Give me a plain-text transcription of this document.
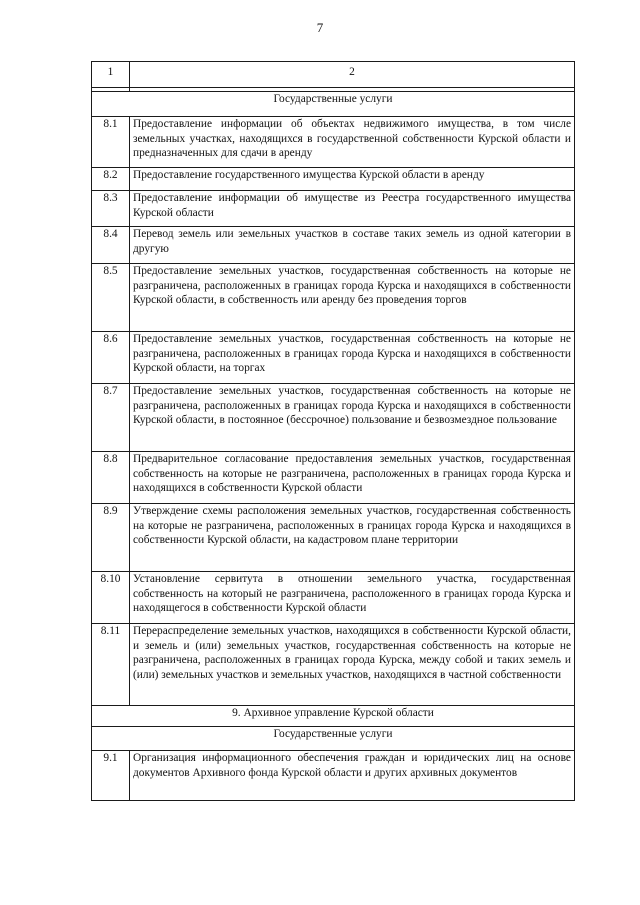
7
1	2

Государственные услуги	
8.1	Предоставление информации об объектах недвижимого имущества, в том числе земельных участках, находящихся в государственной собственности Курской области и предназначенных для сдачи в аренду
8.2	Предоставление государственного имущества Курской области в аренду
8.3	Предоставление информации об имуществе из Реестра государственного имущества Курской области
8.4	Перевод земель или земельных участков в составе таких земель из одной категории в другую
8.5	Предоставление земельных участков, государственная собственность на которые не разграничена, расположенных в границах города Курска и находящихся в собственности Курской области, в собственность или аренду без проведения торгов
8.6	Предоставление земельных участков, государственная собственность на которые не разграничена, расположенных в границах города Курска и находящихся в собственности Курской области, на торгах
8.7	Предоставление земельных участков, государственная собственность на которые не разграничена, расположенных в границах города Курска и находящихся в собственности Курской области, в постоянное (бессрочное) пользование и безвозмездное пользование
8.8	Предварительное согласование предоставления земельных участков, государственная собственность на которые не разграничена, расположенных в границах города Курска и находящихся в собственности Курской области
8.9	Утверждение схемы расположения земельных участков, государственная собственность на которые не разграничена, расположенных в границах города Курска и находящихся в собственности Курской области, на кадастровом плане территории
8.10	Установление сервитута в отношении земельного участка, государственная собственность на который не разграничена, расположенного в границах города Курска и находящегося в собственности Курской области
8.11	Перераспределение земельных участков, находящихся в собственности Курской области, и земель и (или) земельных участков, государственная собственность на которые не разграничена, расположенных в границах города Курска, между собой и таких земель и (или) земельных участков и земельных участков, находящихся в частной собственности
9. Архивное управление Курской области	
Государственные услуги	
9.1	Организация информационного обеспечения граждан и юридических лиц на основе документов Архивного фонда Курской области и других архивных документов
